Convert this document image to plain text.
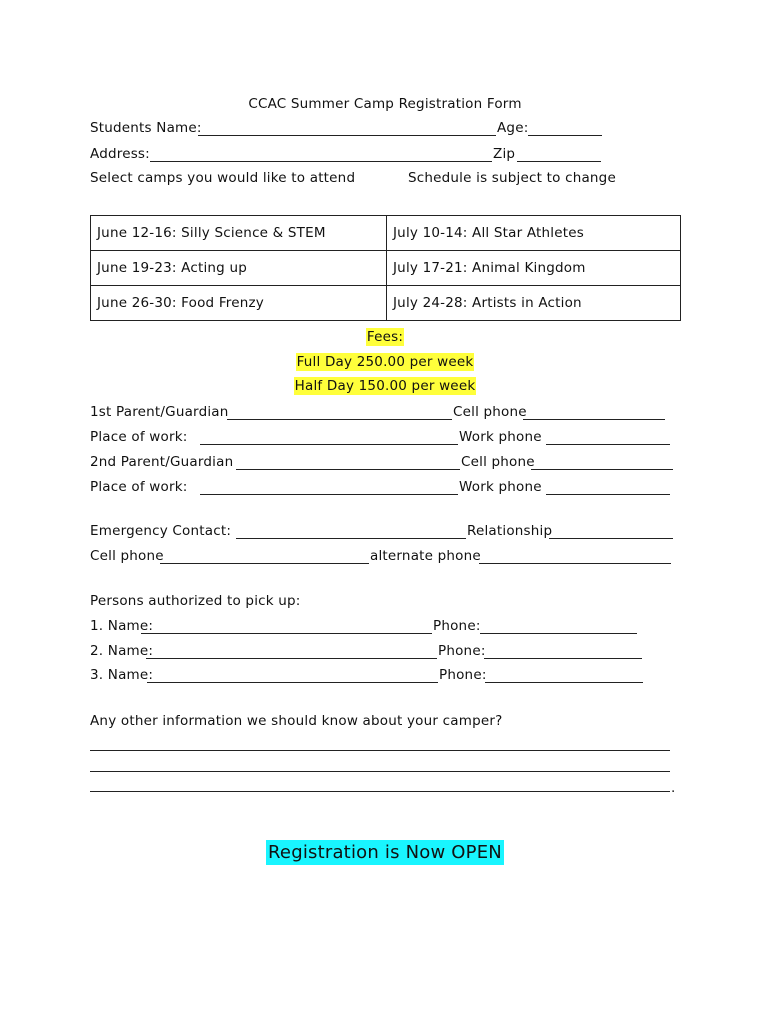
CCAC Summer Camp Registration Form
Students Name:	Age:
Address:	Zip
Select camps you would like to attend	Schedule is subject to change
June 12-16: Silly Science & STEM	July 10-14: All Star Athletes
June 19-23: Acting up	July 17-21: Animal Kingdom
June 26-30: Food Frenzy	July 24-28: Artists in Action
Fees:
Full Day 250.00 per week
Half Day 150.00 per week
1st Parent/Guardian	Cell phone
Place of work:	Work phone
2nd Parent/Guardian	Cell phone
Place of work:	Work phone
Emergency Contact:	Relationship
Cell phone	alternate phone
Persons authorized to pick up:
1. Name:	Phone:
2. Name:	Phone:
3. Name:	Phone:
Any other information we should know about your camper?
.
Registration is Now OPEN
